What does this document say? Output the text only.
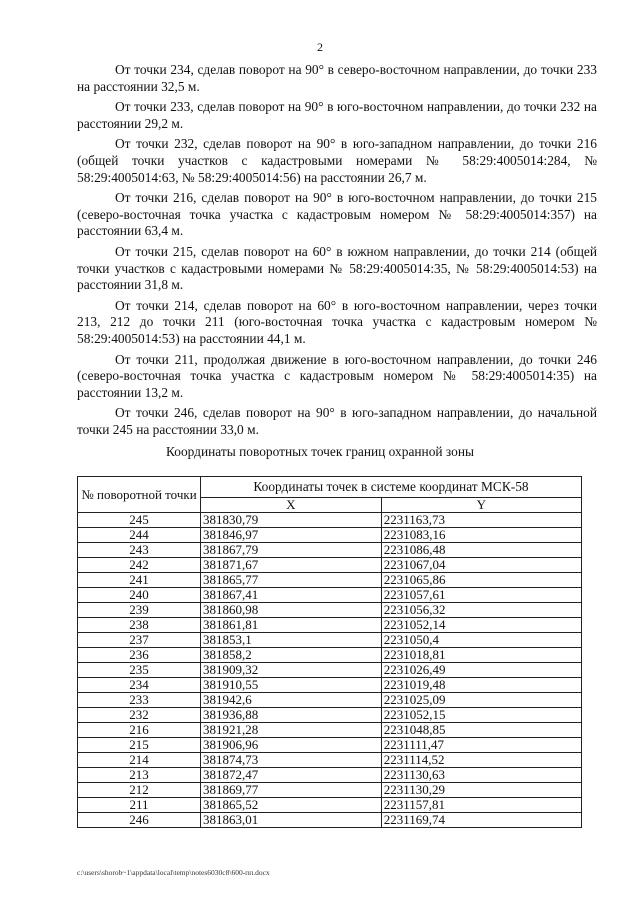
2

От точки 234, сделав поворот на 90° в северо-восточном направлении, до точки 233 на расстоянии 32,5 м.

От точки 233, сделав поворот на 90° в юго-восточном направлении, до точки 232 на расстоянии 29,2 м.

От точки 232, сделав поворот на 90° в юго-западном направлении, до точки 216 (общей точки участков с кадастровыми номерами № 58:29:4005014:284, № 58:29:4005014:63, № 58:29:4005014:56) на расстоянии 26,7 м.

От точки 216, сделав поворот на 90° в юго-восточном направлении, до точки 215 (северо-восточная точка участка с кадастровым номером № 58:29:4005014:357) на расстоянии 63,4 м.

От точки 215, сделав поворот на 60° в южном направлении, до точки 214 (общей точки участков с кадастровыми номерами № 58:29:4005014:35, № 58:29:4005014:53) на расстоянии 31,8 м.

От точки 214, сделав поворот на 60° в юго-восточном направлении, через точки 213, 212 до точки 211 (юго-восточная точка участка с кадастровым номером № 58:29:4005014:53) на расстоянии 44,1 м.

От точки 211, продолжая движение в юго-восточном направлении, до точки 246 (северо-восточная точка участка с кадастровым номером № 58:29:4005014:35) на расстоянии 13,2 м.

От точки 246, сделав поворот на 90° в юго-западном направлении, до начальной точки 245 на расстоянии 33,0 м.

Координаты поворотных точек границ охранной зоны
№ поворотной точки	Координаты точек в системе координат МСК-58	
	X	Y
245	381830,79	2231163,73
244	381846,97	2231083,16
243	381867,79	2231086,48
242	381871,67	2231067,04
241	381865,77	2231065,86
240	381867,41	2231057,61
239	381860,98	2231056,32
238	381861,81	2231052,14
237	381853,1	2231050,4
236	381858,2	2231018,81
235	381909,32	2231026,49
234	381910,55	2231019,48
233	381942,6	2231025,09
232	381936,88	2231052,15
216	381921,28	2231048,85
215	381906,96	2231111,47
214	381874,73	2231114,52
213	381872,47	2231130,63
212	381869,77	2231130,29
211	381865,52	2231157,81
246	381863,01	2231169,74
c:\users\shorob~1\appdata\local\temp\notes6030c8\600-пп.docx
